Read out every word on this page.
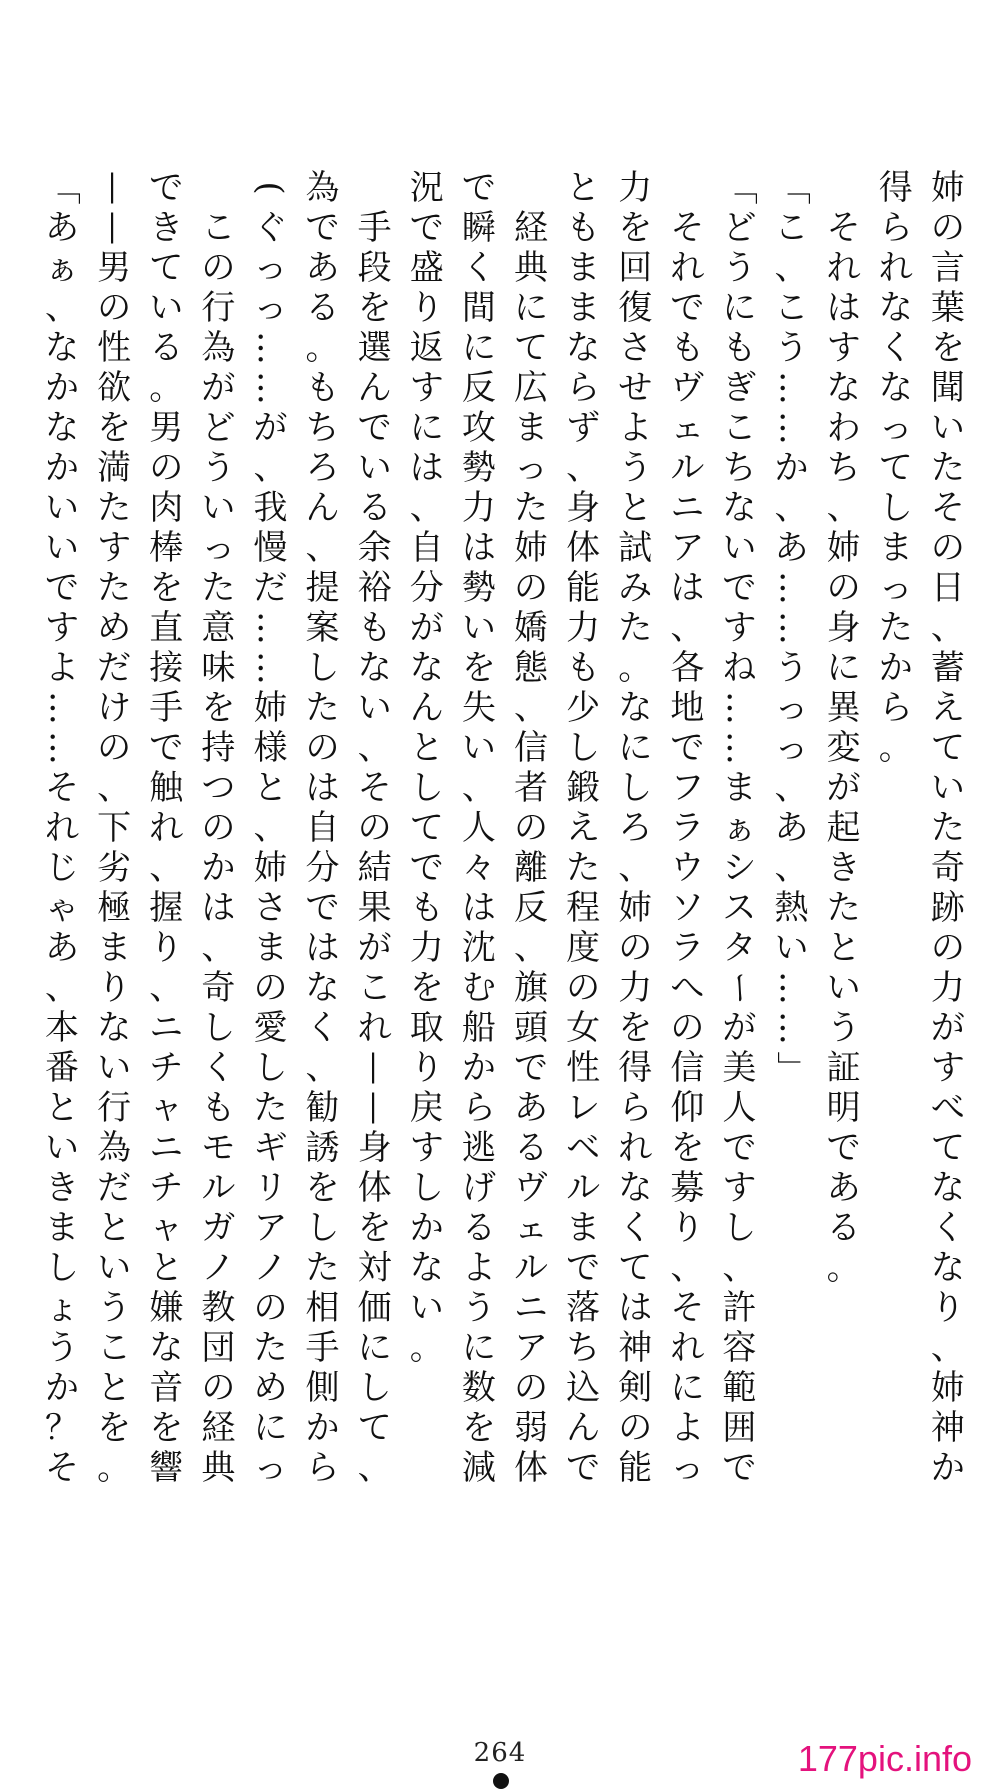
姉
の
言
葉
を
聞
い
た
そ
の
日
、
蓄
え
て
い
た
奇
跡
の
力
が
す
べ
て
な
く
な
り
、
姉
神
か
得
ら
れ
な
く
な
っ
て
し
ま
っ
た
か
ら
。

そ
れ
は
す
な
わ
ち
、
姉
の
身
に
異
変
が
起
き
た
と
い
う
証
明
で
あ
る
。
「
こ
、
こ
う
…
…
か
、
あ
…
…
う
っ
っ
、
あ
、
熱
い
…
…
」
「
ど
う
に
も
ぎ
こ
ち
な
い
で
す
ね
…
…
ま
ぁ
シ
ス
タ
ー
が
美
人
で
す
し
、
許
容
範
囲
で

そ
れ
で
も
ヴ
ェ
ル
ニ
ア
は
、
各
地
で
フ
ラ
ウ
ソ
ラ
へ
の
信
仰
を
募
り
、
そ
れ
に
よ
っ
力
を
回
復
さ
せ
よ
う
と
試
み
た
。
な
に
し
ろ
、
姉
の
力
を
得
ら
れ
な
く
て
は
神
剣
の
能
と
も
ま
ま
な
ら
ず
、
身
体
能
力
も
少
し
鍛
え
た
程
度
の
女
性
レ
ベ
ル
ま
で
落
ち
込
ん
で

経
典
に
て
広
ま
っ
た
姉
の
嬌
態
、
信
者
の
離
反
、
旗
頭
で
あ
る
ヴ
ェ
ル
ニ
ア
の
弱
体
で
瞬
く
間
に
反
攻
勢
力
は
勢
い
を
失
い
、
人
々
は
沈
む
船
か
ら
逃
げ
る
よ
う
に
数
を
減
況
で
盛
り
返
す
に
は
、
自
分
が
な
ん
と
し
て
で
も
力
を
取
り
戻
す
し
か
な
い
。

手
段
を
選
ん
で
い
る
余
裕
も
な
い
、
そ
の
結
果
が
こ
れ
—
—
身
体
を
対
価
に
し
て
、
為
で
あ
る
。
も
ち
ろ
ん
、
提
案
し
た
の
は
自
分
で
は
な
く
、
勧
誘
を
し
た
相
手
側
か
ら
(
ぐ
っ
っ
…
…
が
、
我
慢
だ
…
…
姉
様
と
、
姉
さ
ま
の
愛
し
た
ギ
リ
ア
ノ
の
た
め
に
っ

こ
の
行
為
が
ど
う
い
っ
た
意
味
を
持
つ
の
か
は
、
奇
し
く
も
モ
ル
ガ
ノ
教
団
の
経
典
で
き
て
い
る
。
男
の
肉
棒
を
直
接
手
で
触
れ
、
握
り
、
ニ
チ
ャ
ニ
チ
ャ
と
嫌
な
音
を
響
—
—
男
の
性
欲
を
満
た
す
た
め
だ
け
の
、
下
劣
極
ま
り
な
い
行
為
だ
と
い
う
こ
と
を
。
「
あ
ぁ
、
な
か
な
か
い
い
で
す
よ
…
…
そ
れ
じ
ゃ
あ
、
本
番
と
い
き
ま
し
ょ
う
か
？
そ
264	177pic.info
